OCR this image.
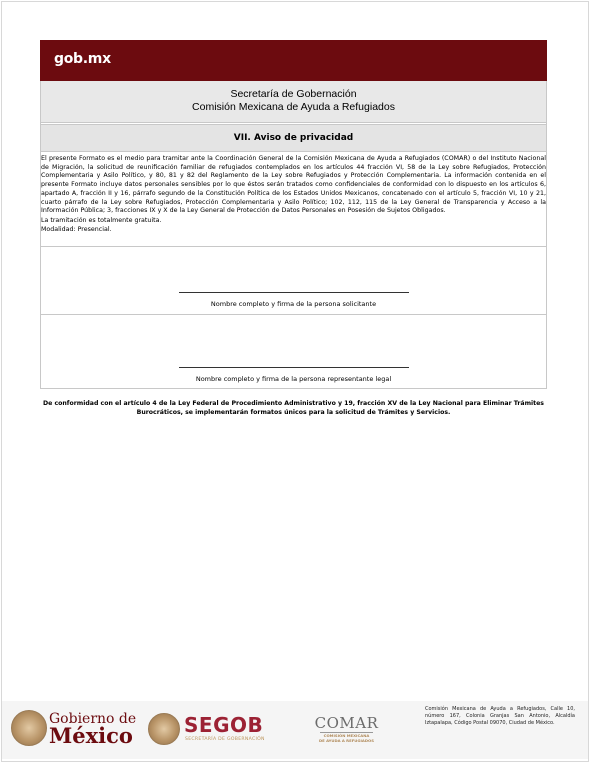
gob.mx
Secretaría de Gobernación
Comisión Mexicana de Ayuda a Refugiados
VII. Aviso de privacidad

El presente Formato es el medio para tramitar ante la Coordinación General de la Comisión Mexicana de Ayuda a Refugiados (COMAR) o del Instituto Nacional de Migración, la solicitud de reunificación familiar de refugiados contemplados en los artículos 44 fracción VI, 58 de la Ley sobre Refugiados, Protección Complementaria y Asilo Político, y 80, 81 y 82 del Reglamento de la Ley sobre Refugiados y Protección Complementaria. La información contenida en el presente Formato incluye datos personales sensibles por lo que éstos serán tratados como confidenciales de conformidad con lo dispuesto en los artículos 6, apartado A, fracción II y 16, párrafo segundo de la Constitución Política de los Estados Unidos Mexicanos, concatenado con el artículo 5, fracción VI, 10 y 21, cuarto párrafo de la Ley sobre Refugiados, Protección Complementaria y Asilo Político; 102, 112, 115 de la Ley General de Transparencia y Acceso a la Información Pública; 3, fracciones IX y X de la Ley General de Protección de Datos Personales en Posesión de Sujetos Obligados.

La tramitación es totalmente gratuita.

Modalidad: Presencial.

Nombre completo y firma de la persona solicitante
Nombre completo y firma de la persona representante legal
De conformidad con el artículo 4 de la Ley Federal de Procedimiento Administrativo y 19, fracción XV de la Ley Nacional para Eliminar Trámites
Burocráticos, se implementarán formatos únicos para la solicitud de Trámites y Servicios.
Gobierno de
México	SEGOB
SECRETARÍA DE GOBERNACIÓN
COMAR
COMISIÓN MEXICANA
DE AYUDA A REFUGIADOS
Comisión Mexicana de Ayuda a Refugiados, Calle 10, número 167, Colonia Granjas San Antonio, Alcaldía Iztapalapa, Código Postal 09070, Ciudad de México.
